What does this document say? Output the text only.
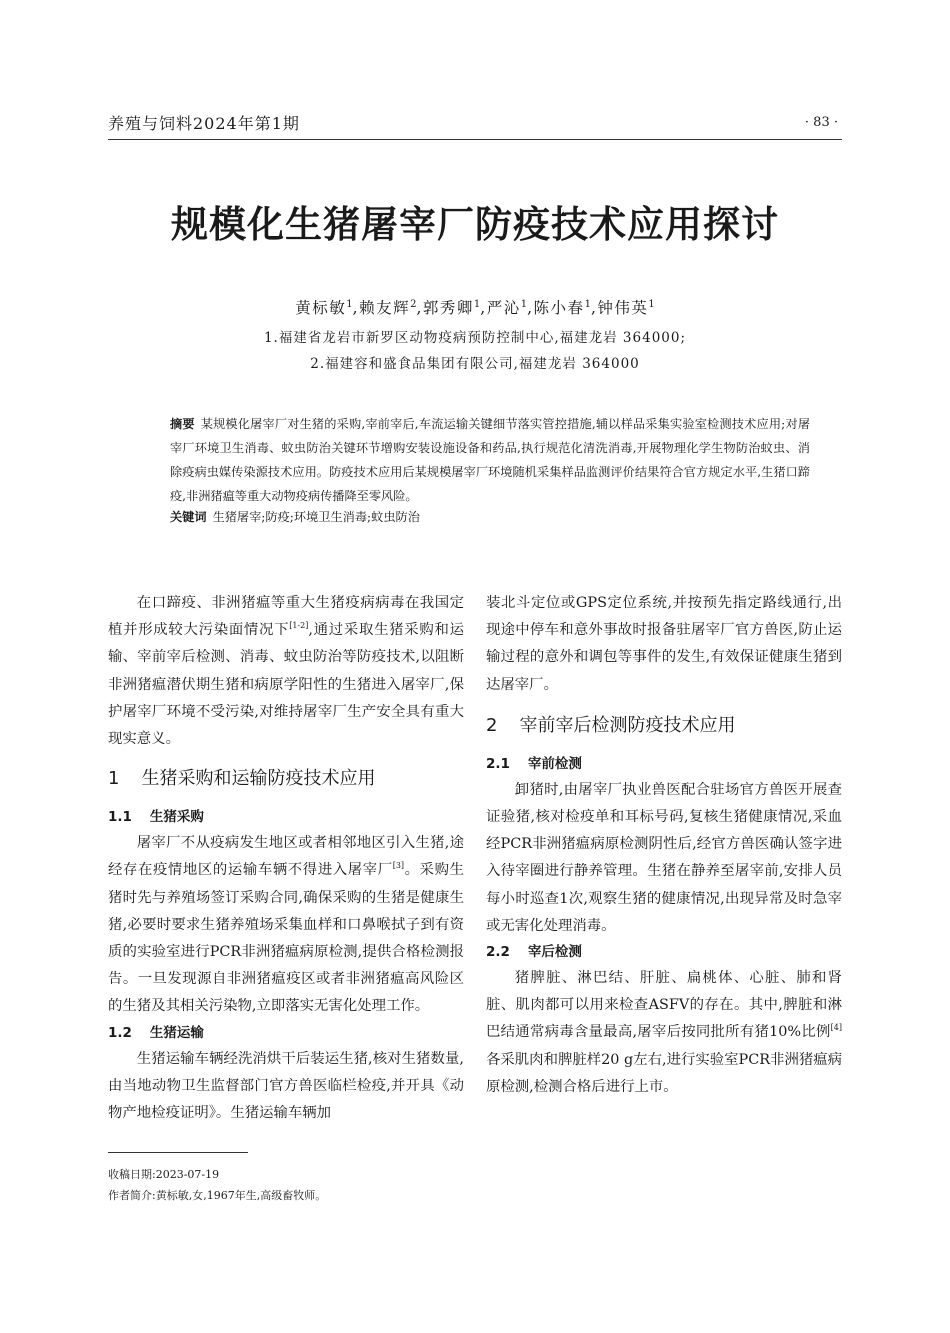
养殖与饲料2024年第1期	· 83 ·
规模化生猪屠宰厂防疫技术应用探讨
黄标敏$^1$,赖友辉$^2$,郭秀卿$^1$,严沁$^1$,陈小春$^1$,钟伟英$^1$
1.福建省龙岩市新罗区动物疫病预防控制中心,福建龙岩 364000;
2.福建容和盛食品集团有限公司,福建龙岩 364000
摘要 某规模化屠宰厂对生猪的采购,宰前宰后,车流运输关键细节落实管控措施,辅以样品采集实验室检测技术应用;对屠宰厂环境卫生消毒、蚊虫防治关键环节增购安装设施设备和药品,执行规范化清洗消毒,开展物理化学生物防治蚊虫、消除疫病虫媒传染源技术应用。防疫技术应用后某规模屠宰厂环境随机采集样品监测评价结果符合官方规定水平,生猪口蹄疫,非洲猪瘟等重大动物疫病传播降至零风险。
关键词 生猪屠宰;防疫;环境卫生消毒;蚊虫防治

在口蹄疫、非洲猪瘟等重大生猪疫病病毒在我国定植并形成较大污染面情况下[1-2],通过采取生猪采购和运输、宰前宰后检测、消毒、蚊虫防治等防疫技术,以阻断非洲猪瘟潜伏期生猪和病原学阳性的生猪进入屠宰厂,保护屠宰厂环境不受污染,对维持屠宰厂生产安全具有重大现实意义。

1 生猪采购和运输防疫技术应用
1.1 生猪采购

屠宰厂不从疫病发生地区或者相邻地区引入生猪,途经存在疫情地区的运输车辆不得进入屠宰厂[3]。采购生猪时先与养殖场签订采购合同,确保采购的生猪是健康生猪,必要时要求生猪养殖场采集血样和口鼻喉拭子到有资质的实验室进行PCR非洲猪瘟病原检测,提供合格检测报告。一旦发现源自非洲猪瘟疫区或者非洲猪瘟高风险区的生猪及其相关污染物,立即落实无害化处理工作。

1.2 生猪运输

生猪运输车辆经洗消烘干后装运生猪,核对生猪数量,由当地动物卫生监督部门官方兽医临栏检疫,并开具《动物产地检疫证明》。生猪运输车辆加

装北斗定位或GPS定位系统,并按预先指定路线通行,出现途中停车和意外事故时报备驻屠宰厂官方兽医,防止运输过程的意外和调包等事件的发生,有效保证健康生猪到达屠宰厂。

2 宰前宰后检测防疫技术应用
2.1 宰前检测

卸猪时,由屠宰厂执业兽医配合驻场官方兽医开展查证验猪,核对检疫单和耳标号码,复核生猪健康情况,采血经PCR非洲猪瘟病原检测阴性后,经官方兽医确认签字进入待宰圈进行静养管理。生猪在静养至屠宰前,安排人员每小时巡查1次,观察生猪的健康情况,出现异常及时急宰或无害化处理消毒。

2.2 宰后检测

猪脾脏、淋巴结、肝脏、扁桃体、心脏、肺和肾脏、肌肉都可以用来检查ASFV的存在。其中,脾脏和淋巴结通常病毒含量最高,屠宰后按同批所有猪10%比例[4]各采肌肉和脾脏样20 g左右,进行实验室PCR非洲猪瘟病原检测,检测合格后进行上市。

收稿日期:2023-07-19
作者简介:黄标敏,女,1967年生,高级畜牧师。
